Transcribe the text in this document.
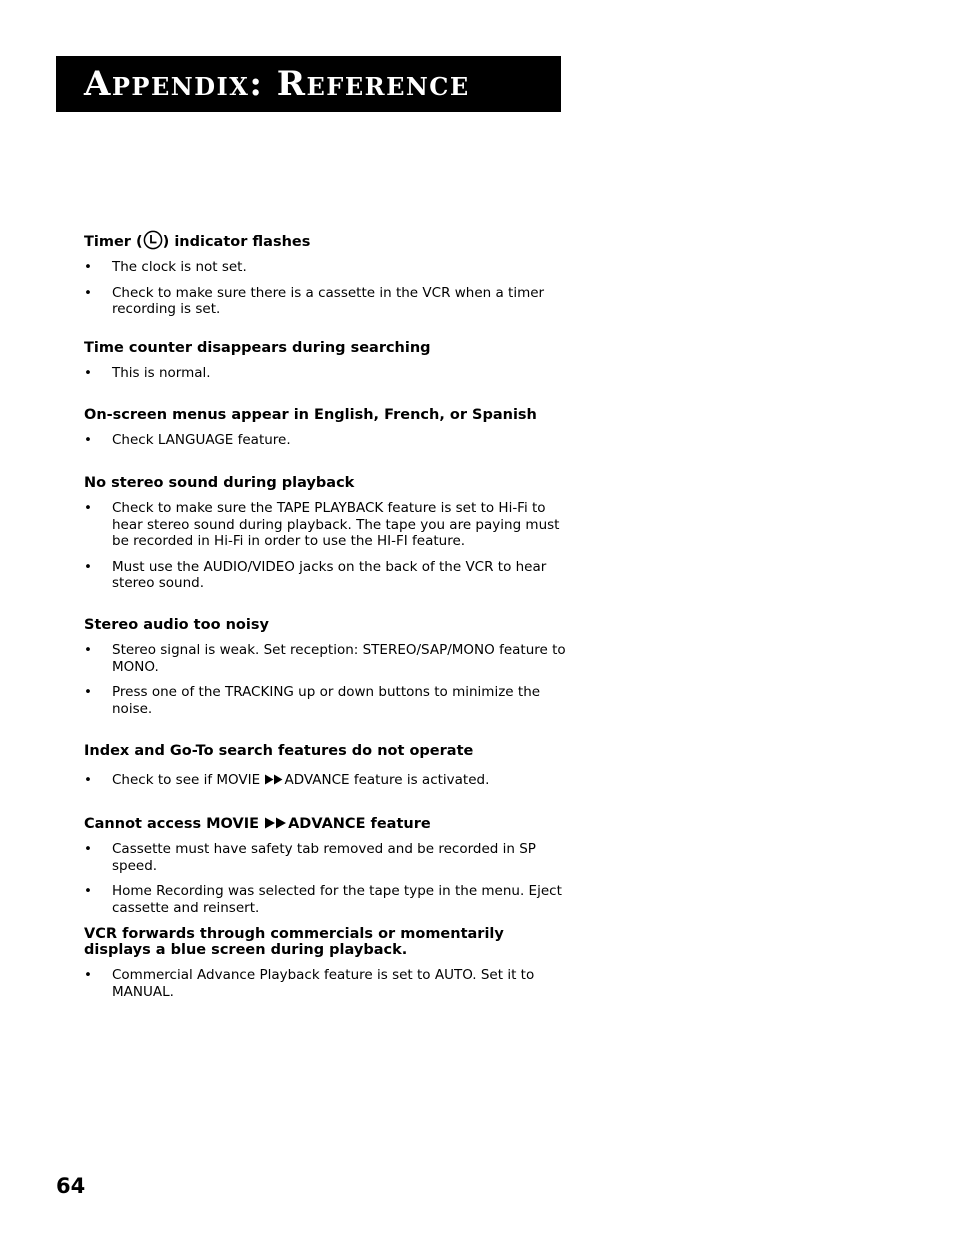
Appendix: Reference

Timer ( ) indicator flashes

• The clock is not set.
• Check to make sure there is a cassette in the VCR when a timer recording is set.

Time counter disappears during searching

• This is normal.

On-screen menus appear in English, French, or Spanish

• Check LANGUAGE feature.

No stereo sound during playback

• Check to make sure the TAPE PLAYBACK feature is set to Hi-Fi to hear stereo sound during playback. The tape you are paying must be recorded in Hi-Fi in order to use the HI-FI feature.
• Must use the AUDIO/VIDEO jacks on the back of the VCR to hear stereo sound.

Stereo audio too noisy

• Stereo signal is weak. Set reception: STEREO/SAP/MONO feature to MONO.
• Press one of the TRACKING up or down buttons to minimize the noise.

Index and Go-To search features do not operate

• Check to see if MOVIE ADVANCE feature is activated.

Cannot access MOVIE ADVANCE feature

• Cassette must have safety tab removed and be recorded in SP speed.
• Home Recording was selected for the tape type in the menu. Eject cassette and reinsert.

VCR forwards through commercials or momentarily displays a blue screen during playback.

• Commercial Advance Playback feature is set to AUTO. Set it to MANUAL.
64
